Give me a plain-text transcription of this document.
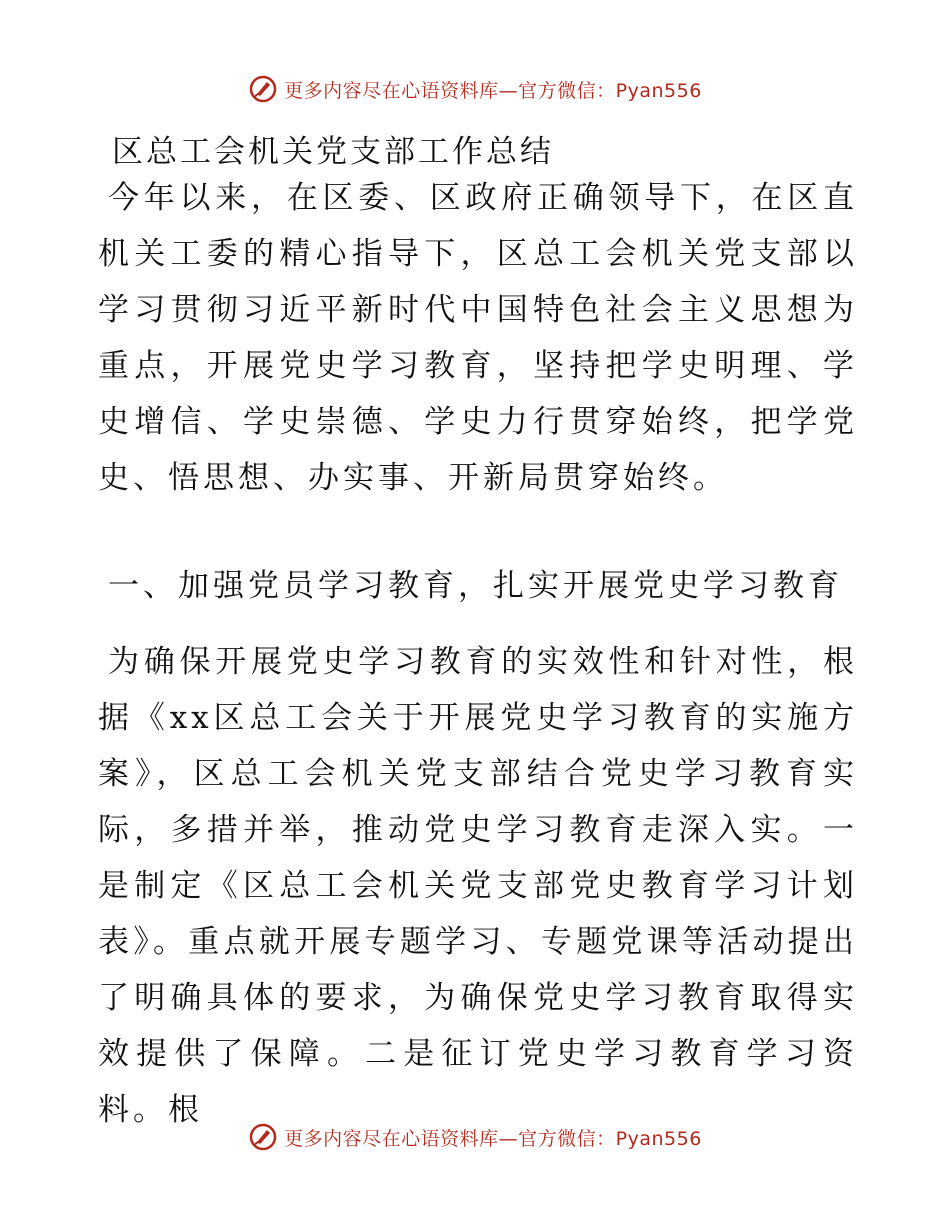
更多内容尽在心语资料库—官方微信：Pyan556
区总工会机关党支部工作总结

今年以来，在区委、区政府正确领导下，在区直机关工委的精心指导下，区总工会机关党支部以学习贯彻习近平新时代中国特色社会主义思想为重点，开展党史学习教育，坚持把学史明理、学史增信、学史崇德、学史力行贯穿始终，把学党史、悟思想、办实事、开新局贯穿始终。

一、加强党员学习教育，扎实开展党史学习教育

为确保开展党史学习教育的实效性和针对性，根据《xx区总工会关于开展党史学习教育的实施方案》，区总工会机关党支部结合党史学习教育实际，多措并举，推动党史学习教育走深入实。一是制定《区总工会机关党支部党史教育学习计划表》。重点就开展专题学习、专题党课等活动提出了明确具体的要求，为确保党史学习教育取得实效提供了保障。二是征订党史学习教育学习资料。根

更多内容尽在心语资料库—官方微信：Pyan556
